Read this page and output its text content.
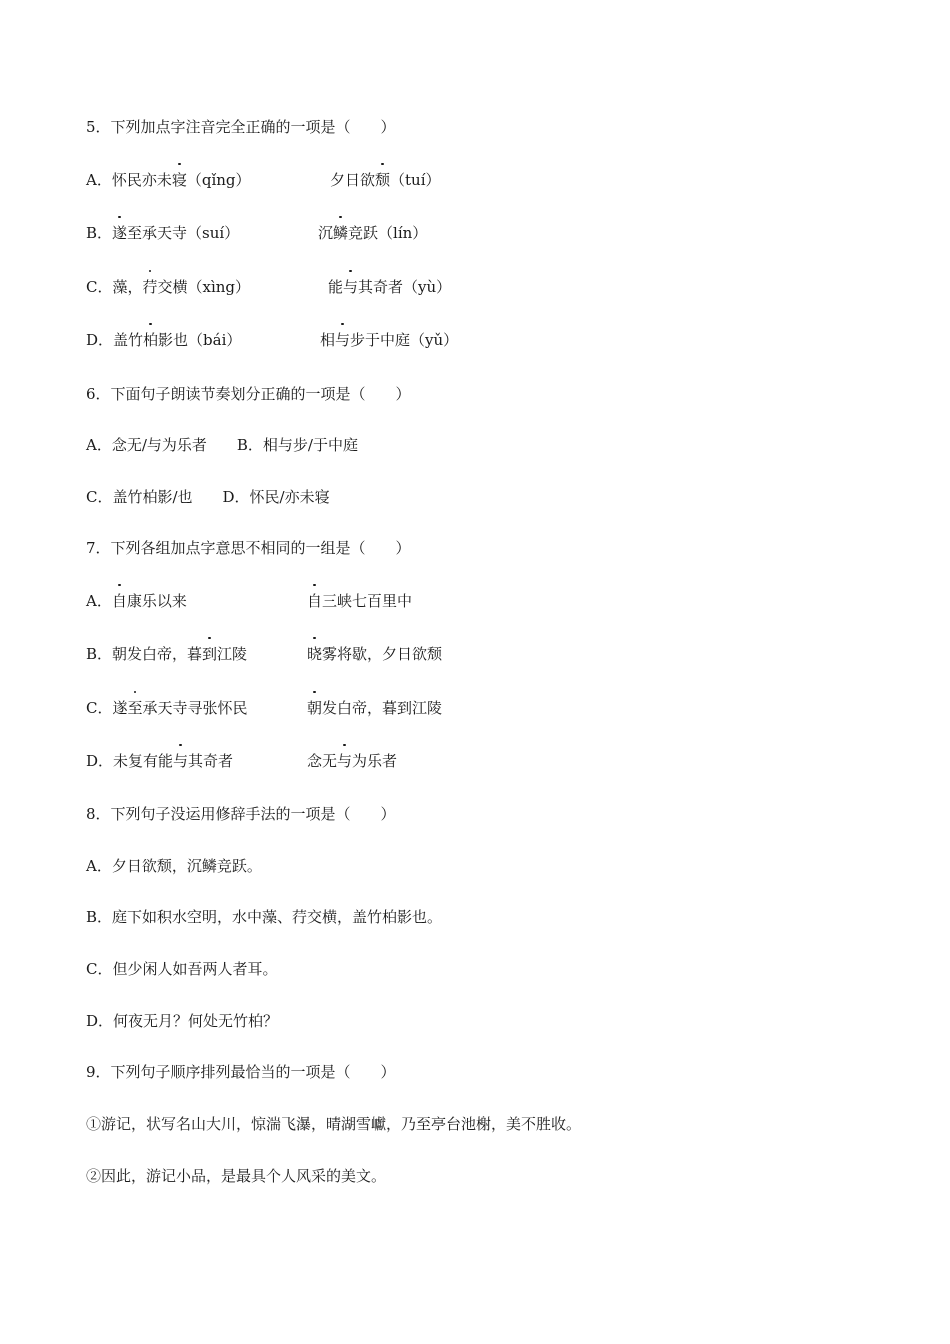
5．下列加点字注音完全正确的一项是（　　）
A．怀民亦未寝（qǐng）	夕日欲颓（tuí）
B．遂至承天寺（suí）	沉鳞竞跃（lín）
C．藻，荇交横（xìng）	能与其奇者（yù）
D．盖竹柏影也（bái）	相与步于中庭（yǔ）
6．下面句子朗读节奏划分正确的一项是（　　）
A．念无/与为乐者　　B．相与步/于中庭
C．盖竹柏影/也　　D．怀民/亦未寝
7．下列各组加点字意思不相同的一组是（　　）
A．自康乐以来	自三峡七百里中
B．朝发白帝，暮到江陵	晓雾将歇，夕日欲颓
C．遂至承天寺寻张怀民	朝发白帝，暮到江陵
D．未复有能与其奇者	念无与为乐者
8．下列句子没运用修辞手法的一项是（　　）
A．夕日欲颓，沉鳞竞跃。
B．庭下如积水空明，水中藻、荇交横，盖竹柏影也。
C．但少闲人如吾两人者耳。
D．何夜无月？何处无竹柏？
9．下列句子顺序排列最恰当的一项是（　　）
①游记，状写名山大川，惊湍飞瀑，晴湖雪巘，乃至亭台池榭，美不胜收。
②因此，游记小品，是最具个人风采的美文。
